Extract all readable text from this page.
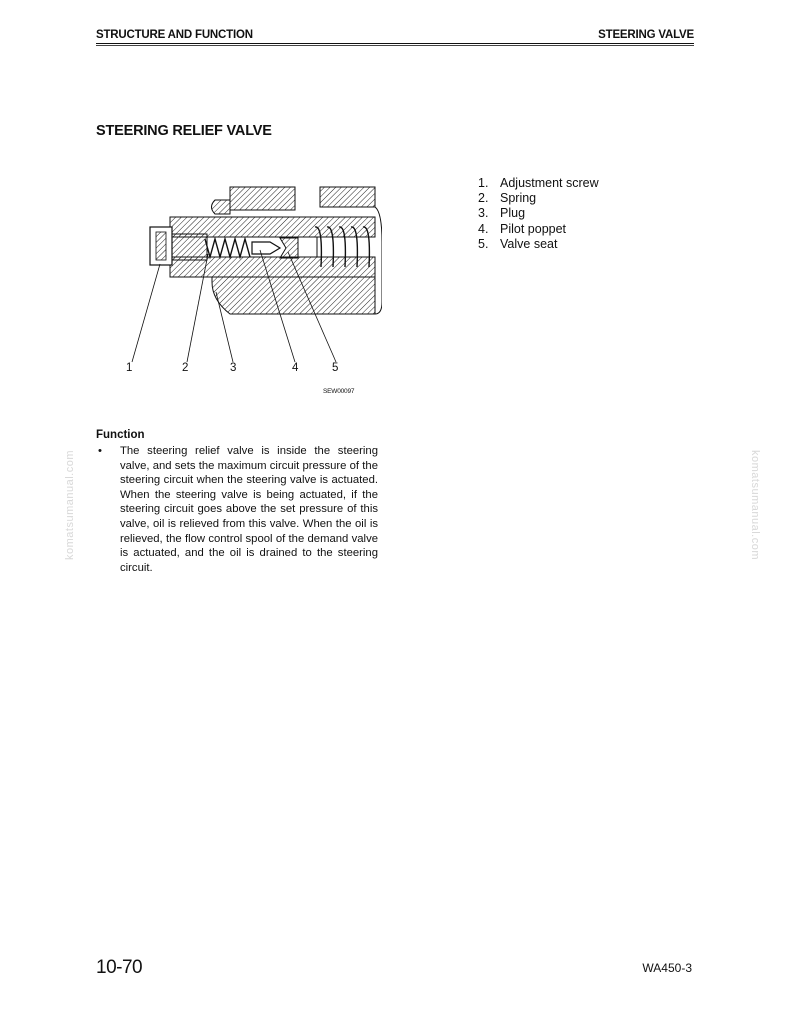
STRUCTURE AND FUNCTION	STEERING VALVE
STEERING RELIEF VALVE
1	2	3	4	5
SEW00097
1. Adjustment screw
2. Spring
3. Plug
4. Pilot poppet
5. Valve seat
Function
•	The steering relief valve is inside the steering valve, and sets the maximum circuit pressure of the steering circuit when the steering valve is actuated. When the steering valve is being actuated, if the steering circuit goes above the set pressure of this valve, oil is relieved from this valve. When the oil is relieved, the flow control spool of the demand valve is actuated, and the oil is drained to the steering circuit.
komatsumanual.com	komatsumanual.com
10-70	WA450-3
